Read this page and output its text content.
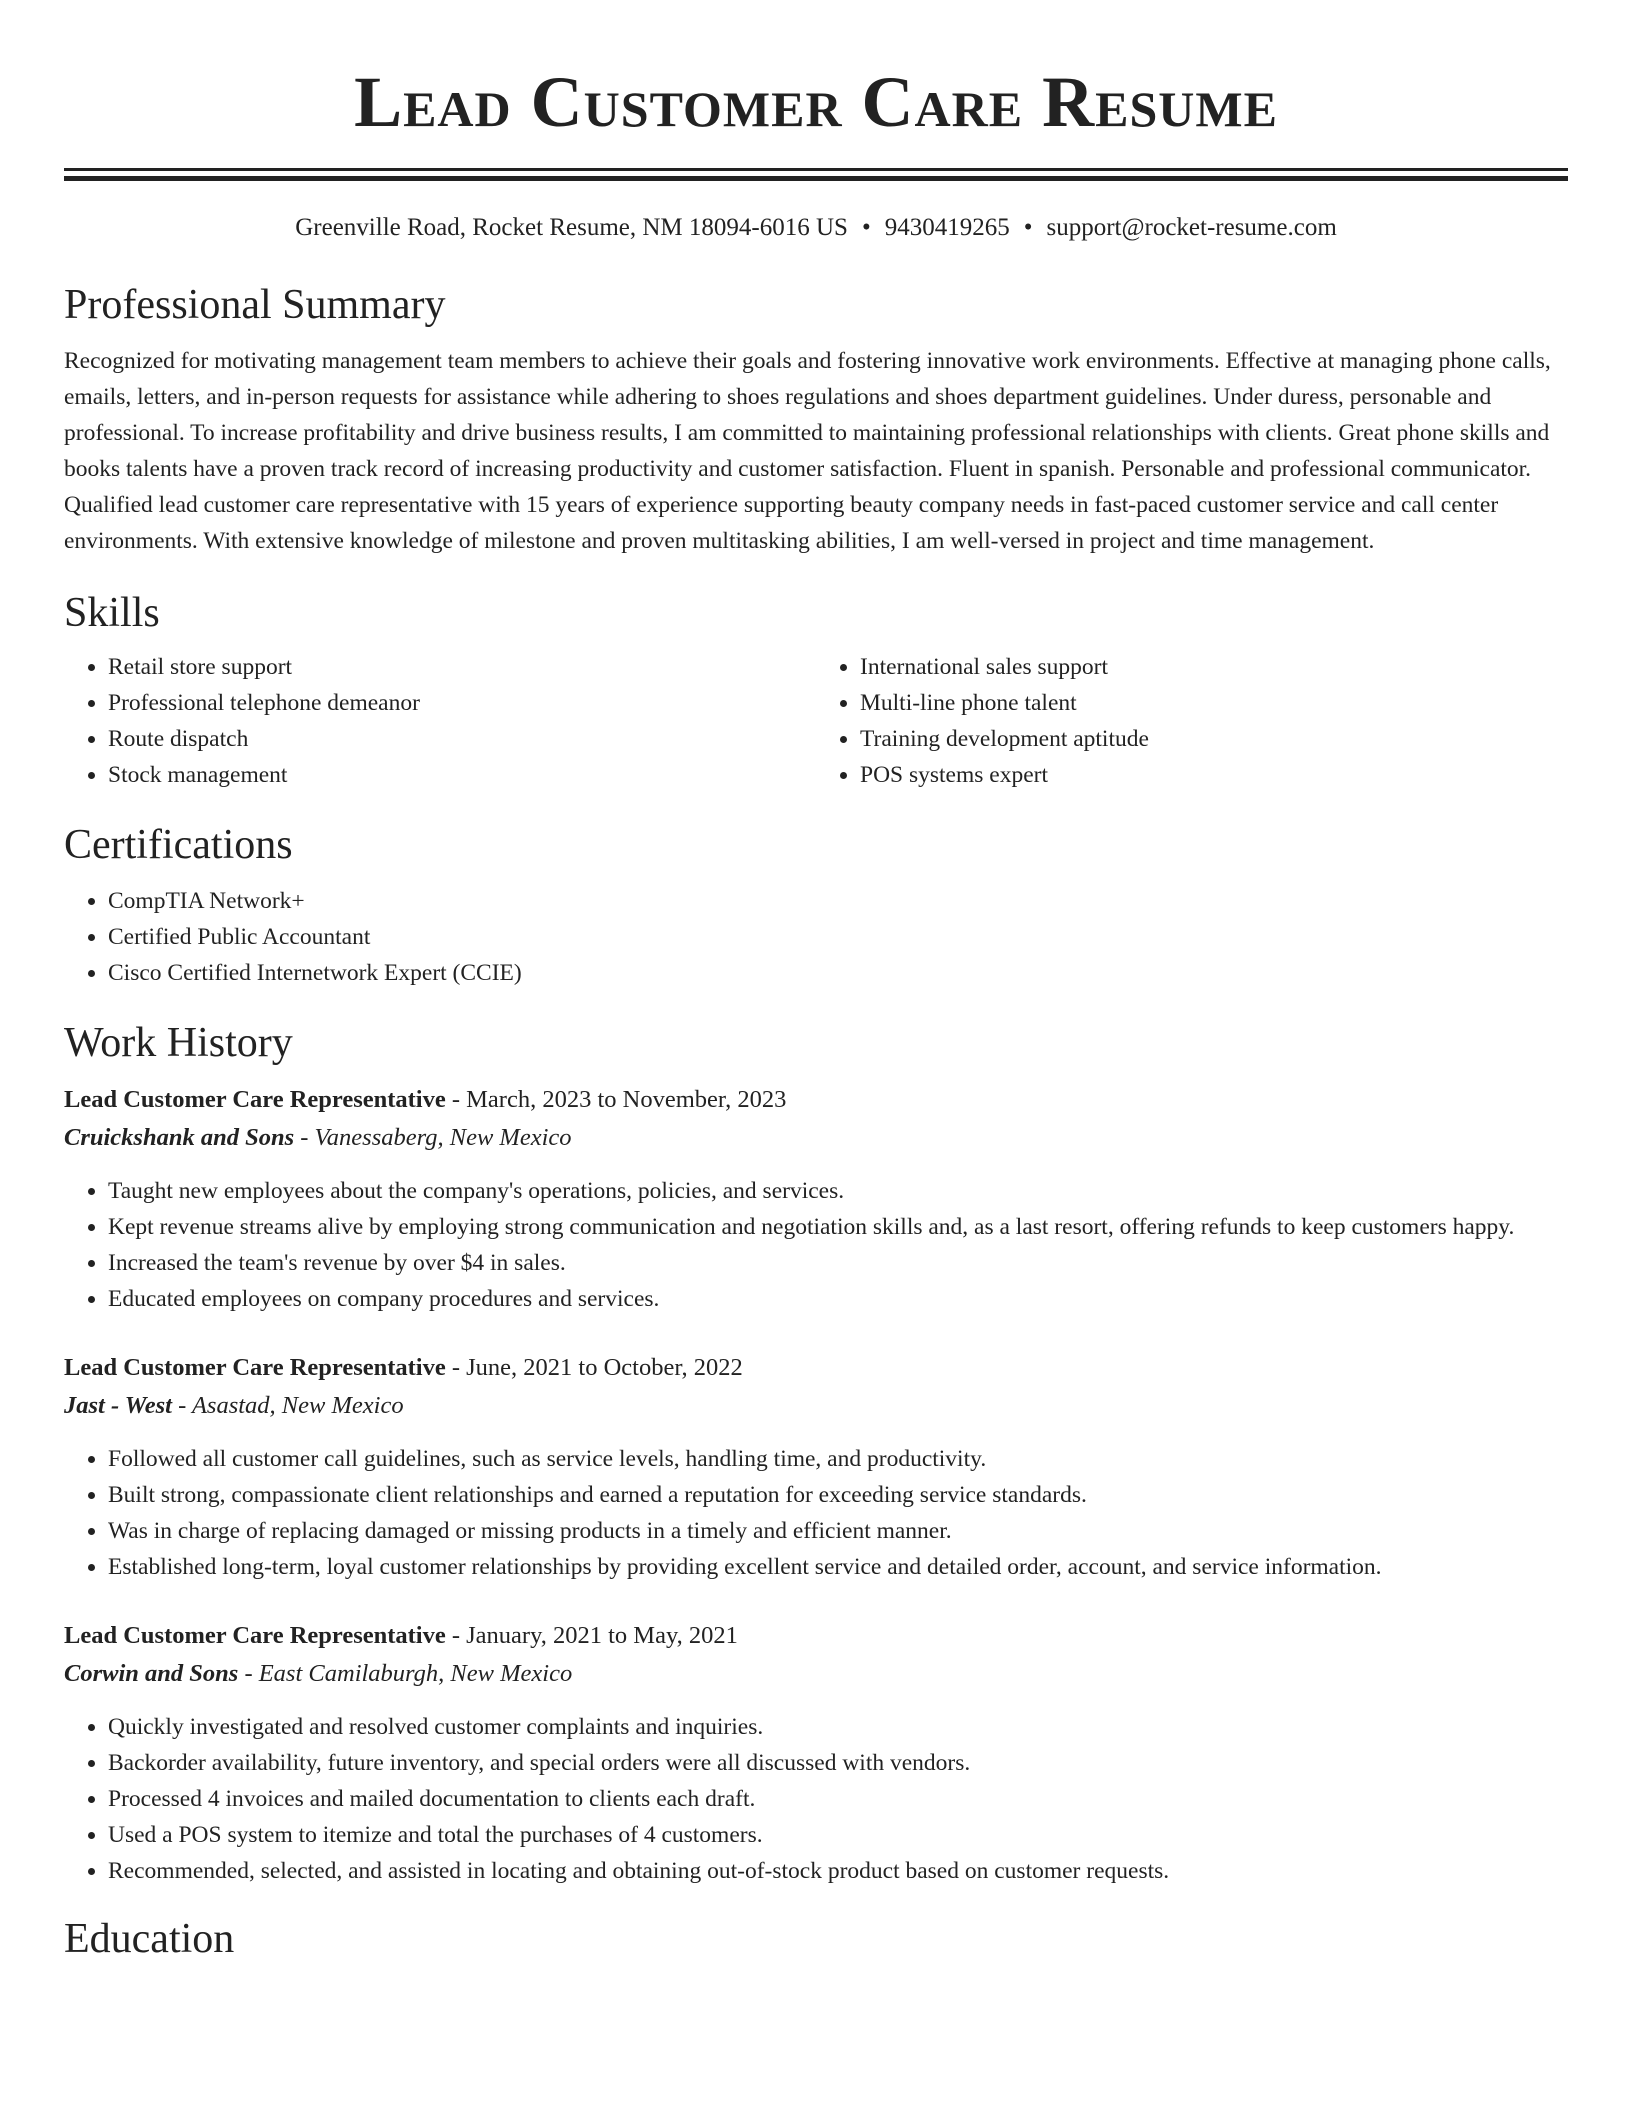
Lead Customer Care Resume
Greenville Road, Rocket Resume, NM 18094-6016 US • 9430419265 • support@rocket-resume.com
Professional Summary
Recognized for motivating management team members to achieve their goals and fostering innovative work environments. Effective at managing phone calls, emails, letters, and in-person requests for assistance while adhering to shoes regulations and shoes department guidelines. Under duress, personable and professional. To increase profitability and drive business results, I am committed to maintaining professional relationships with clients. Great phone skills and books talents have a proven track record of increasing productivity and customer satisfaction. Fluent in spanish. Personable and professional communicator. Qualified lead customer care representative with 15 years of experience supporting beauty company needs in fast-paced customer service and call center environments. With extensive knowledge of milestone and proven multitasking abilities, I am well-versed in project and time management.
Skills
• Retail store support
• Professional telephone demeanor
• Route dispatch
• Stock management
• International sales support
• Multi-line phone talent
• Training development aptitude
• POS systems expert
Certifications
• CompTIA Network+
• Certified Public Accountant
• Cisco Certified Internetwork Expert (CCIE)
Work History
Lead Customer Care Representative - March, 2023 to November, 2023
Cruickshank and Sons - Vanessaberg, New Mexico
• Taught new employees about the company's operations, policies, and services.
• Kept revenue streams alive by employing strong communication and negotiation skills and, as a last resort, offering refunds to keep customers happy.
• Increased the team's revenue by over $4 in sales.
• Educated employees on company procedures and services.
Lead Customer Care Representative - June, 2021 to October, 2022
Jast - West - Asastad, New Mexico
• Followed all customer call guidelines, such as service levels, handling time, and productivity.
• Built strong, compassionate client relationships and earned a reputation for exceeding service standards.
• Was in charge of replacing damaged or missing products in a timely and efficient manner.
• Established long-term, loyal customer relationships by providing excellent service and detailed order, account, and service information.
Lead Customer Care Representative - January, 2021 to May, 2021
Corwin and Sons - East Camilaburgh, New Mexico
• Quickly investigated and resolved customer complaints and inquiries.
• Backorder availability, future inventory, and special orders were all discussed with vendors.
• Processed 4 invoices and mailed documentation to clients each draft.
• Used a POS system to itemize and total the purchases of 4 customers.
• Recommended, selected, and assisted in locating and obtaining out-of-stock product based on customer requests.
Education
